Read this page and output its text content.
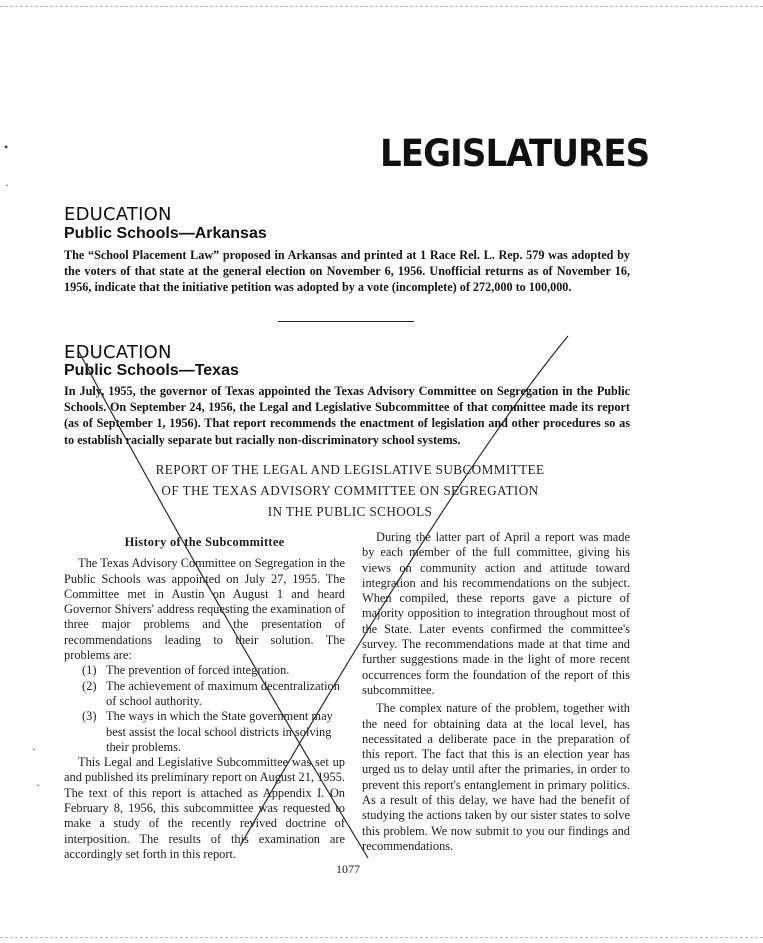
•
·
·
·
LEGISLATURES
EDUCATION
Public Schools—Arkansas

The “School Placement Law” proposed in Arkansas and printed at 1 Race Rel. L. Rep. 579 was adopted by the voters of that state at the general election on November 6, 1956. Unofficial returns as of November 16, 1956, indicate that the initiative petition was adopted by a vote (incomplete) of 272,000 to 100,000.

EDUCATION
Public Schools—Texas

In July, 1955, the governor of Texas appointed the Texas Advisory Committee on Segregation in the Public Schools. On September 24, 1956, the Legal and Legislative Subcommittee of that committee made its report (as of September 1, 1956). That report recommends the enactment of legislation and other procedures so as to establish racially separate but racially non-discriminatory school systems.

REPORT OF THE LEGAL AND LEGISLATIVE SUBCOMMITTEE
OF THE TEXAS ADVISORY COMMITTEE ON SEGREGATION
IN THE PUBLIC SCHOOLS

History of the Subcommittee

The Texas Advisory Committee on Segregation in the Public Schools was appointed on July 27, 1955. The Committee met in Austin on August 1 and heard Governor Shivers' address requesting the examination of three major problems and the presentation of recommendations leading to their solution. The problems are:

(1) The prevention of forced integration.

(2) The achievement of maximum decentralization of school authority.

(3) The ways in which the State government may best assist the local school districts in solving their problems.

This Legal and Legislative Subcommittee was set up and published its preliminary report on August 21, 1955. The text of this report is attached as Appendix I. On February 8, 1956, this subcommittee was requested to make a study of the recently revived doctrine of interposition. The results of this examination are accordingly set forth in this report.

During the latter part of April a report was made by each member of the full committee, giving his views on community action and attitude toward integration and his recommendations on the subject. When compiled, these reports gave a picture of majority opposition to integration throughout most of the State. Later events confirmed the committee's survey. The recommendations made at that time and further suggestions made in the light of more recent occurrences form the foundation of the report of this subcommittee.

The complex nature of the problem, together with the need for obtaining data at the local level, has necessitated a deliberate pace in the preparation of this report. The fact that this is an election year has urged us to delay until after the primaries, in order to prevent this report's entanglement in primary politics. As a result of this delay, we have had the benefit of studying the actions taken by our sister states to solve this problem. We now submit to you our findings and recommendations.

1077
